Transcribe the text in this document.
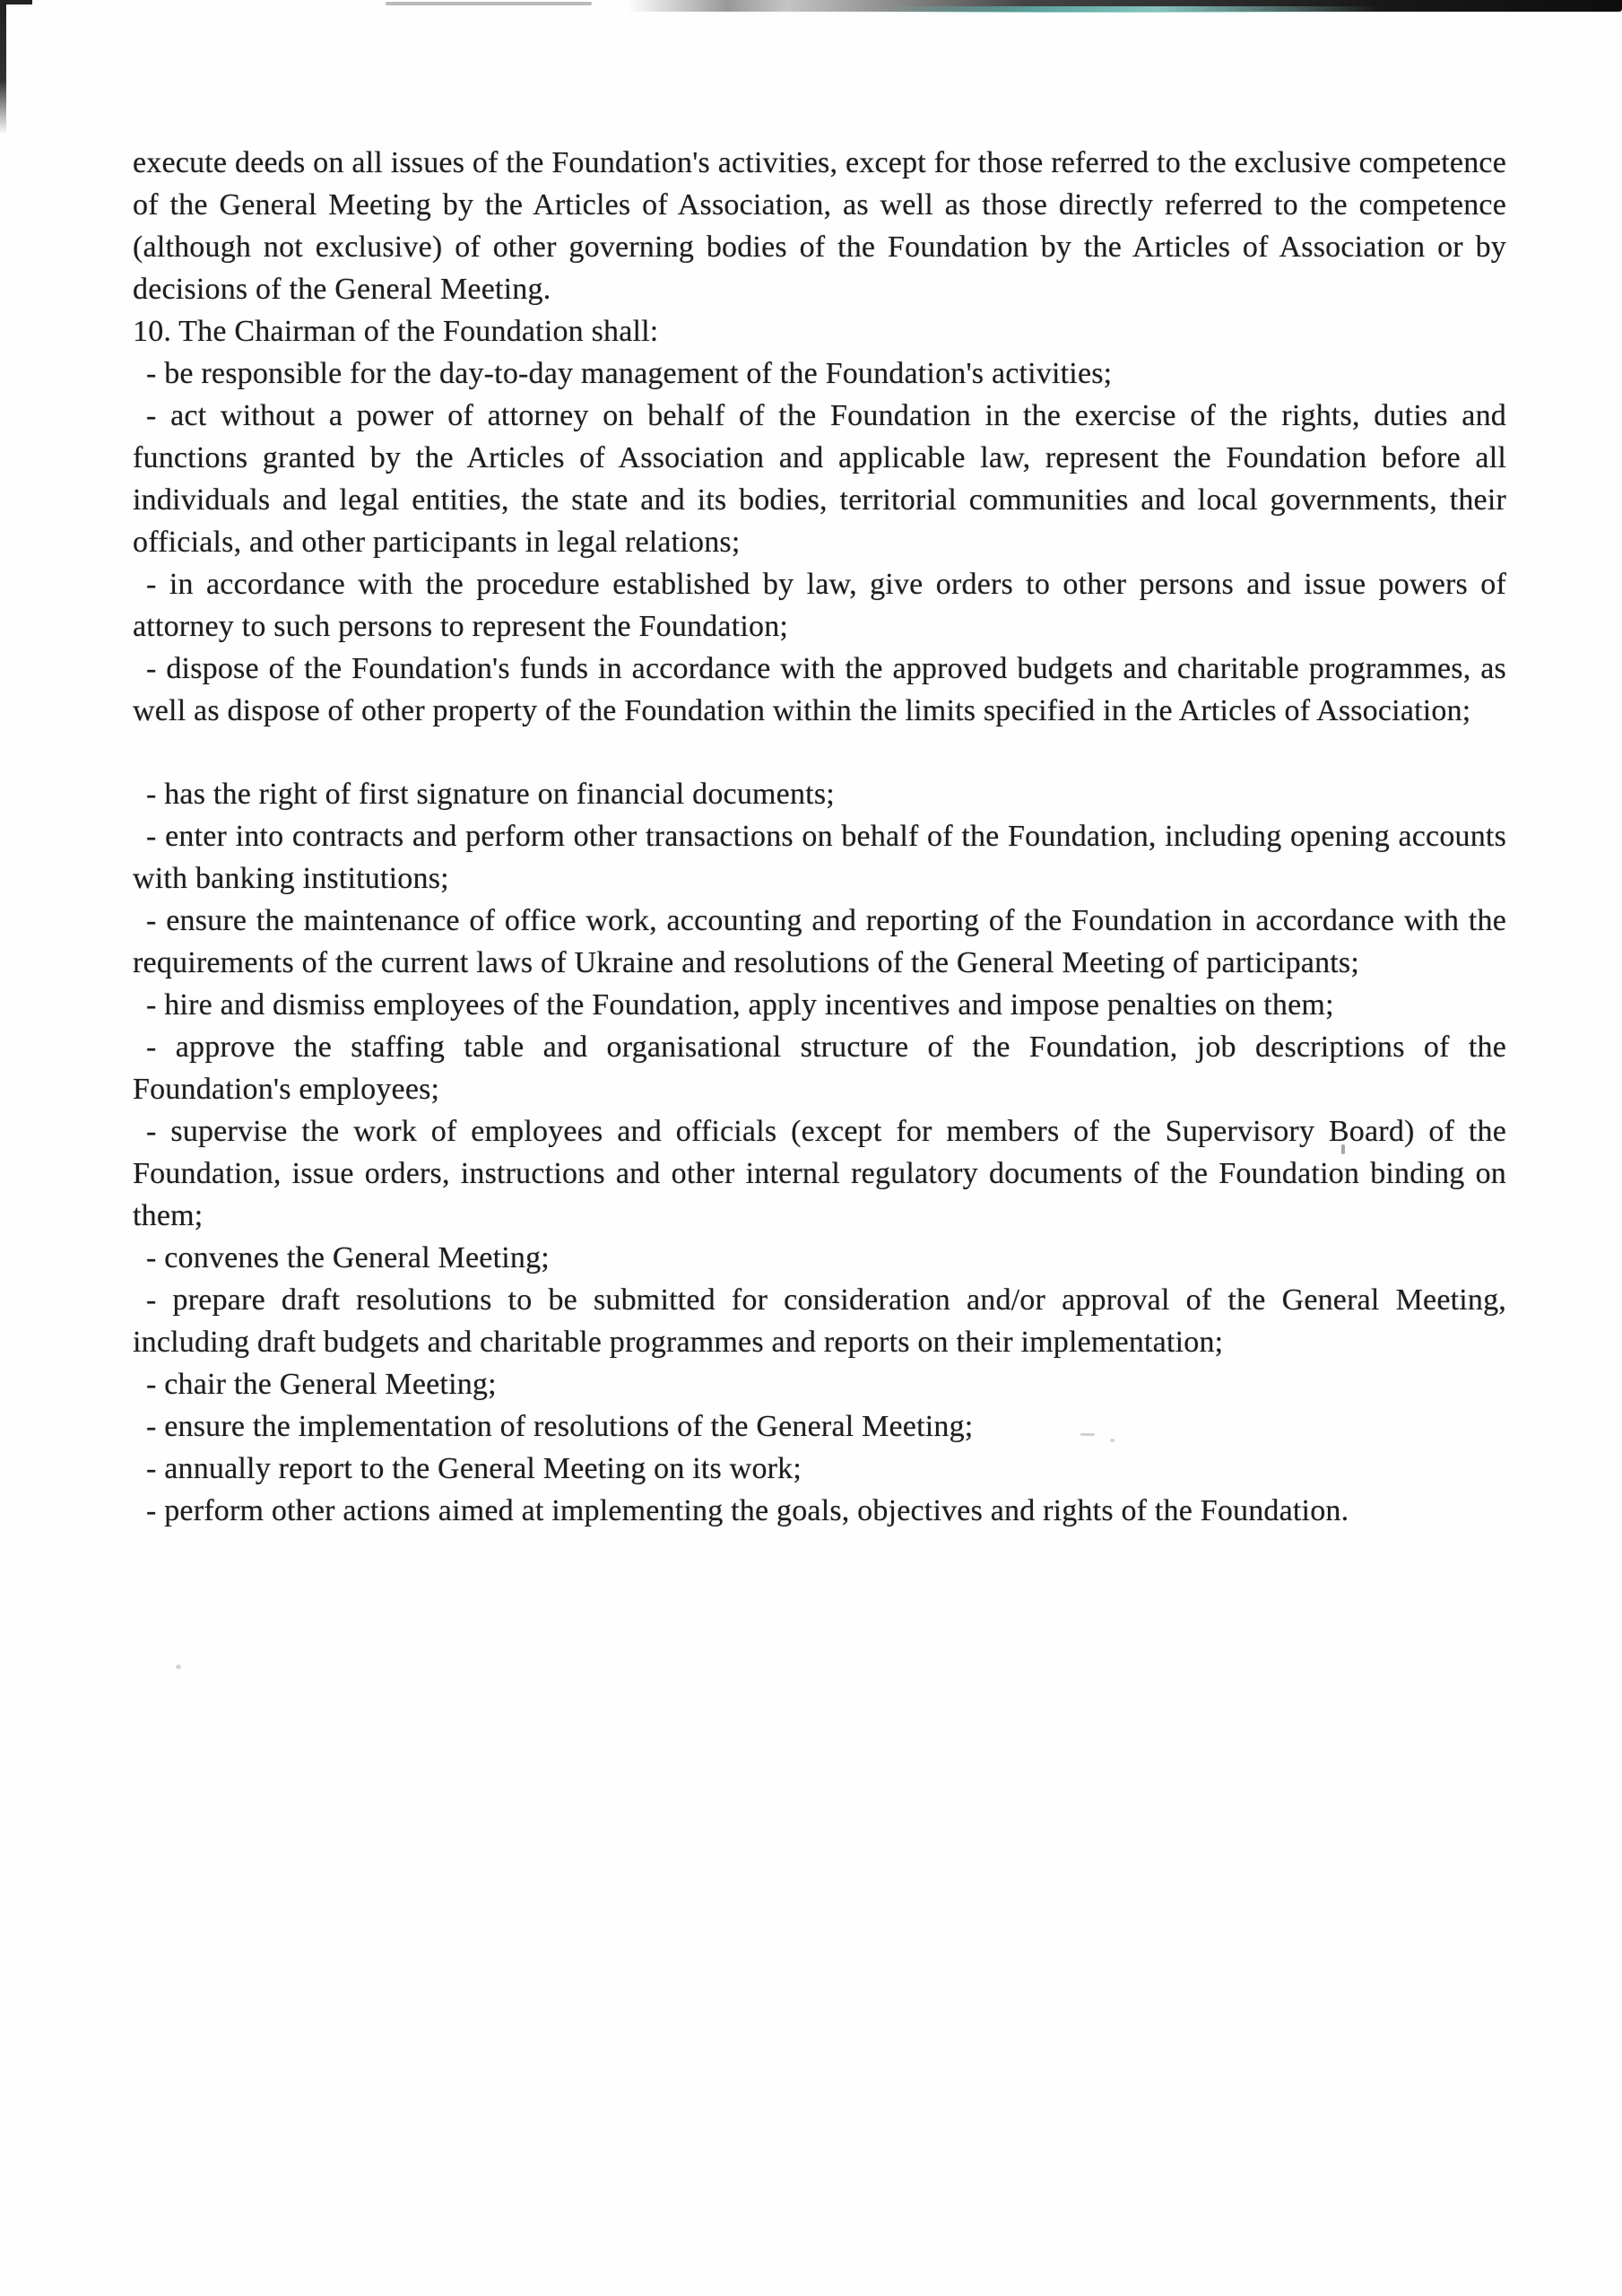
execute deeds on all issues of the Foundation's activities, except for those referred to the exclusive competence of the General Meeting by the Articles of Association, as well as those directly referred to the competence (although not exclusive) of other governing bodies of the Foundation by the Articles of Association or by decisions of the General Meeting.

10. The Chairman of the Foundation shall:

- be responsible for the day-to-day management of the Foundation's activities;

- act without a power of attorney on behalf of the Foundation in the exercise of the rights, duties and functions granted by the Articles of Association and applicable law, represent the Foundation before all individuals and legal entities, the state and its bodies, territorial communities and local governments, their officials, and other participants in legal relations;

- in accordance with the procedure established by law, give orders to other persons and issue powers of attorney to such persons to represent the Foundation;

- dispose of the Foundation's funds in accordance with the approved budgets and charitable programmes, as well as dispose of other property of the Foundation within the limits specified in the Articles of Association;

- has the right of first signature on financial documents;

- enter into contracts and perform other transactions on behalf of the Foundation, including opening accounts with banking institutions;

- ensure the maintenance of office work, accounting and reporting of the Foundation in accordance with the requirements of the current laws of Ukraine and resolutions of the General Meeting of participants;

- hire and dismiss employees of the Foundation, apply incentives and impose penalties on them;

- approve the staffing table and organisational structure of the Foundation, job descriptions of the Foundation's employees;

- supervise the work of employees and officials (except for members of the Supervisory Board) of the Foundation, issue orders, instructions and other internal regulatory documents of the Foundation binding on them;

- convenes the General Meeting;

- prepare draft resolutions to be submitted for consideration and/or approval of the General Meeting, including draft budgets and charitable programmes and reports on their implementation;

- chair the General Meeting;

- ensure the implementation of resolutions of the General Meeting;

- annually report to the General Meeting on its work;

- perform other actions aimed at implementing the goals, objectives and rights of the Foundation.
